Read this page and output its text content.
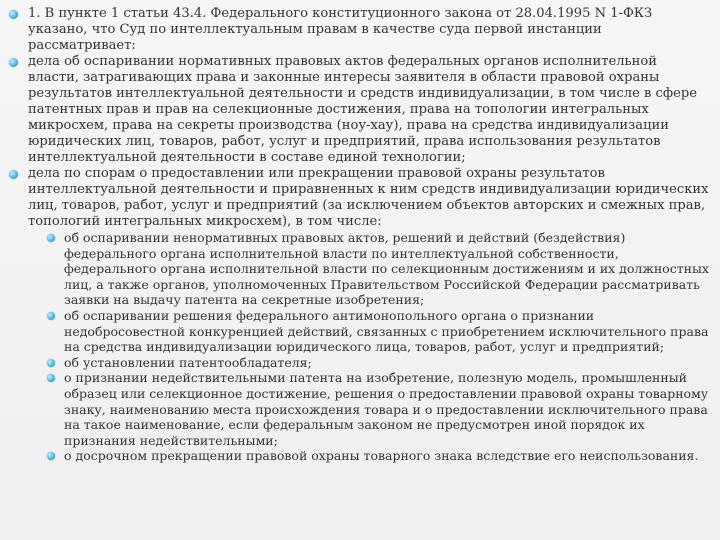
1. В пункте 1 статьи 43.4. Федерального конституционного закона от 28.04.1995 N 1-ФКЗ указано, что Суд по интеллектуальным правам в качестве суда первой инстанции рассматривает:
дела об оспаривании нормативных правовых актов федеральных органов исполнительной власти, затрагивающих права и законные интересы заявителя в области правовой охраны результатов интеллектуальной деятельности и средств индивидуализации, в том числе в сфере патентных прав и прав на селекционные достижения, права на топологии интегральных микросхем, права на секреты производства (ноу-хау), права на средства индивидуализации юридических лиц, товаров, работ, услуг и предприятий, права использования результатов интеллектуальной деятельности в составе единой технологии;
дела по спорам о предоставлении или прекращении правовой охраны результатов интеллектуальной деятельности и приравненных к ним средств индивидуализации юридических лиц, товаров, работ, услуг и предприятий (за исключением объектов авторских и смежных прав, топологий интегральных микросхем), в том числе:
об оспаривании ненормативных правовых актов, решений и действий (бездействия) федерального органа исполнительной власти по интеллектуальной собственности, федерального органа исполнительной власти по селекционным достижениям и их должностных лиц, а также органов, уполномоченных Правительством Российской Федерации рассматривать заявки на выдачу патента на секретные изобретения;
об оспаривании решения федерального антимонопольного органа о признании недобросовестной конкуренцией действий, связанных с приобретением исключительного права на средства индивидуализации юридического лица, товаров, работ, услуг и предприятий;
об установлении патентообладателя;
о признании недействительными патента на изобретение, полезную модель, промышленный образец или селекционное достижение, решения о предоставлении правовой охраны товарному знаку, наименованию места происхождения товара и о предоставлении исключительного права на такое наименование, если федеральным законом не предусмотрен иной порядок их признания недействительными;
о досрочном прекращении правовой охраны товарного знака вследствие его неиспользования.
